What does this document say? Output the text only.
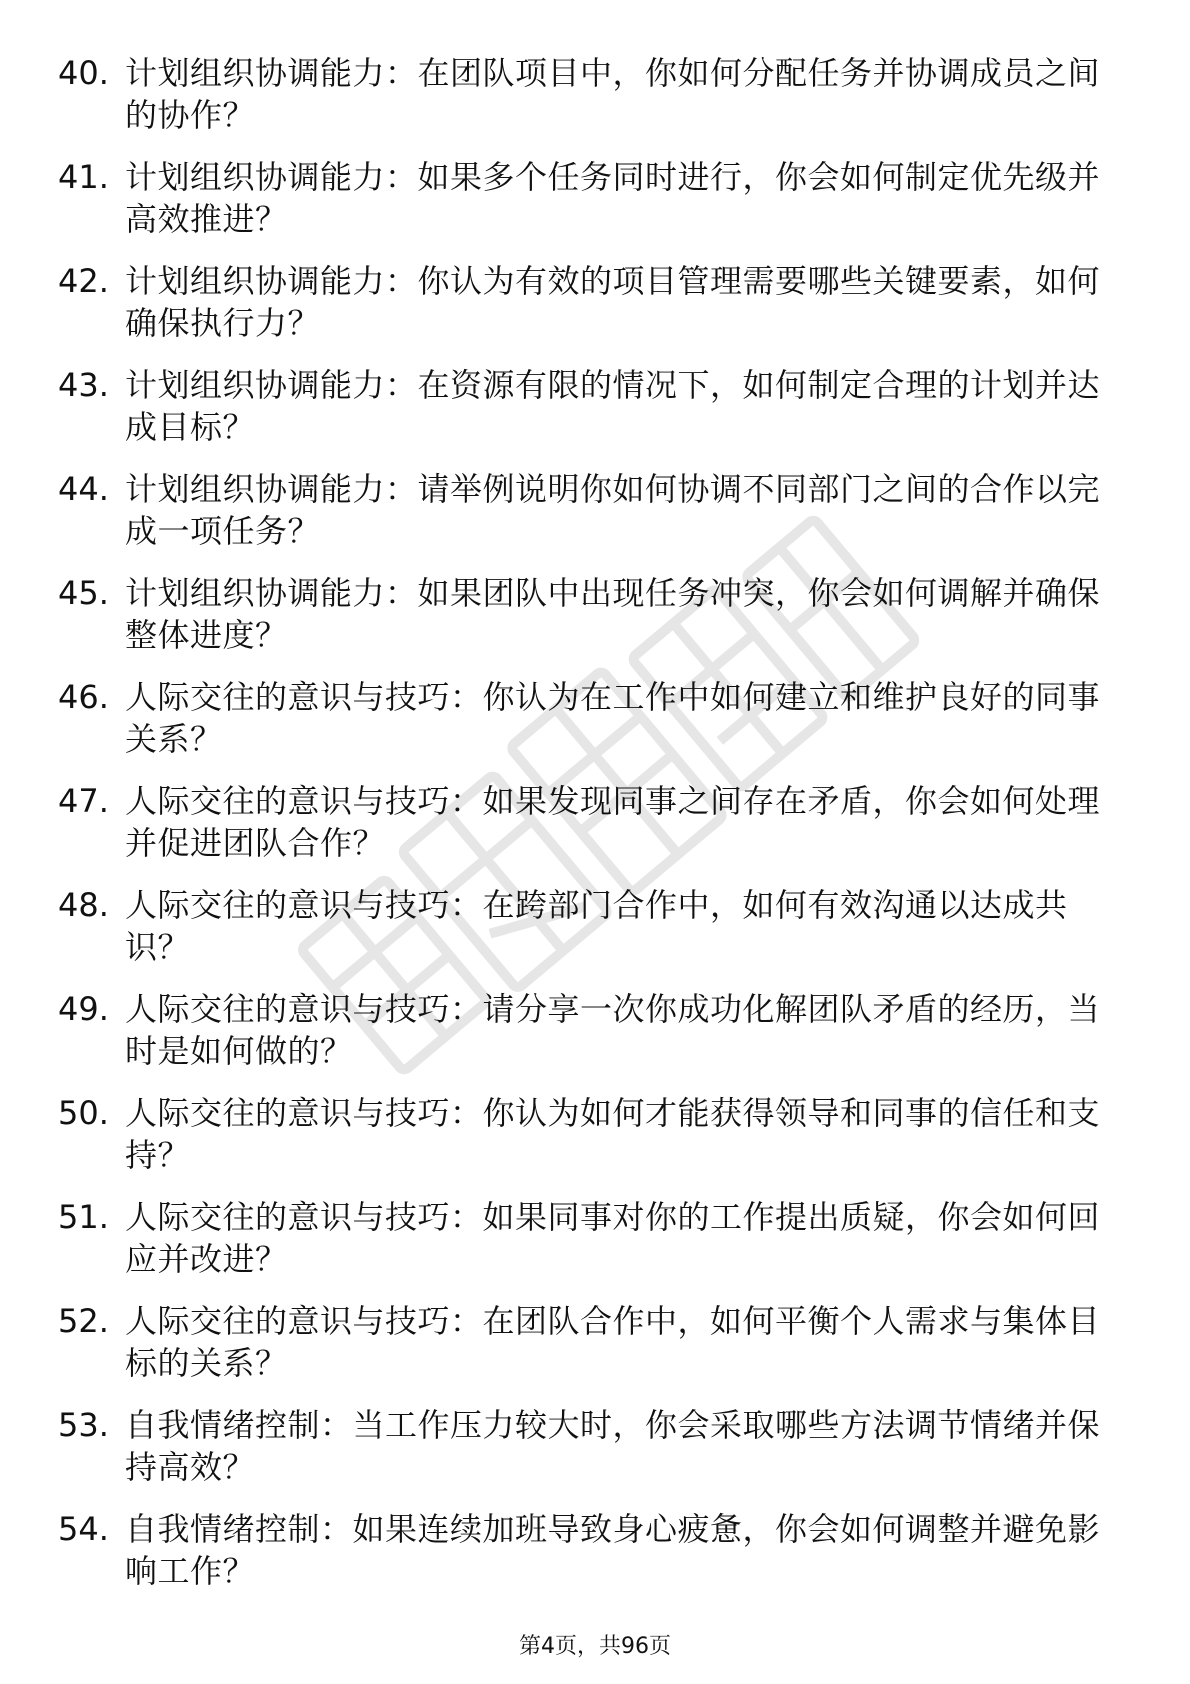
40. 计划组织协调能力：在团队项目中，你如何分配任务并协调成员之间的协作？
41. 计划组织协调能力：如果多个任务同时进行，你会如何制定优先级并高效推进？
42. 计划组织协调能力：你认为有效的项目管理需要哪些关键要素，如何确保执行力？
43. 计划组织协调能力：在资源有限的情况下，如何制定合理的计划并达成目标？
44. 计划组织协调能力：请举例说明你如何协调不同部门之间的合作以完成一项任务？
45. 计划组织协调能力：如果团队中出现任务冲突，你会如何调解并确保整体进度？
46. 人际交往的意识与技巧：你认为在工作中如何建立和维护良好的同事关系？
47. 人际交往的意识与技巧：如果发现同事之间存在矛盾，你会如何处理并促进团队合作？
48. 人际交往的意识与技巧：在跨部门合作中，如何有效沟通以达成共识？
49. 人际交往的意识与技巧：请分享一次你成功化解团队矛盾的经历，当时是如何做的？
50. 人际交往的意识与技巧：你认为如何才能获得领导和同事的信任和支持？
51. 人际交往的意识与技巧：如果同事对你的工作提出质疑，你会如何回应并改进？
52. 人际交往的意识与技巧：在团队合作中，如何平衡个人需求与集体目标的关系？
53. 自我情绪控制：当工作压力较大时，你会采取哪些方法调节情绪并保持高效？
54. 自我情绪控制：如果连续加班导致身心疲惫，你会如何调整并避免影响工作？
第4页，共96页
